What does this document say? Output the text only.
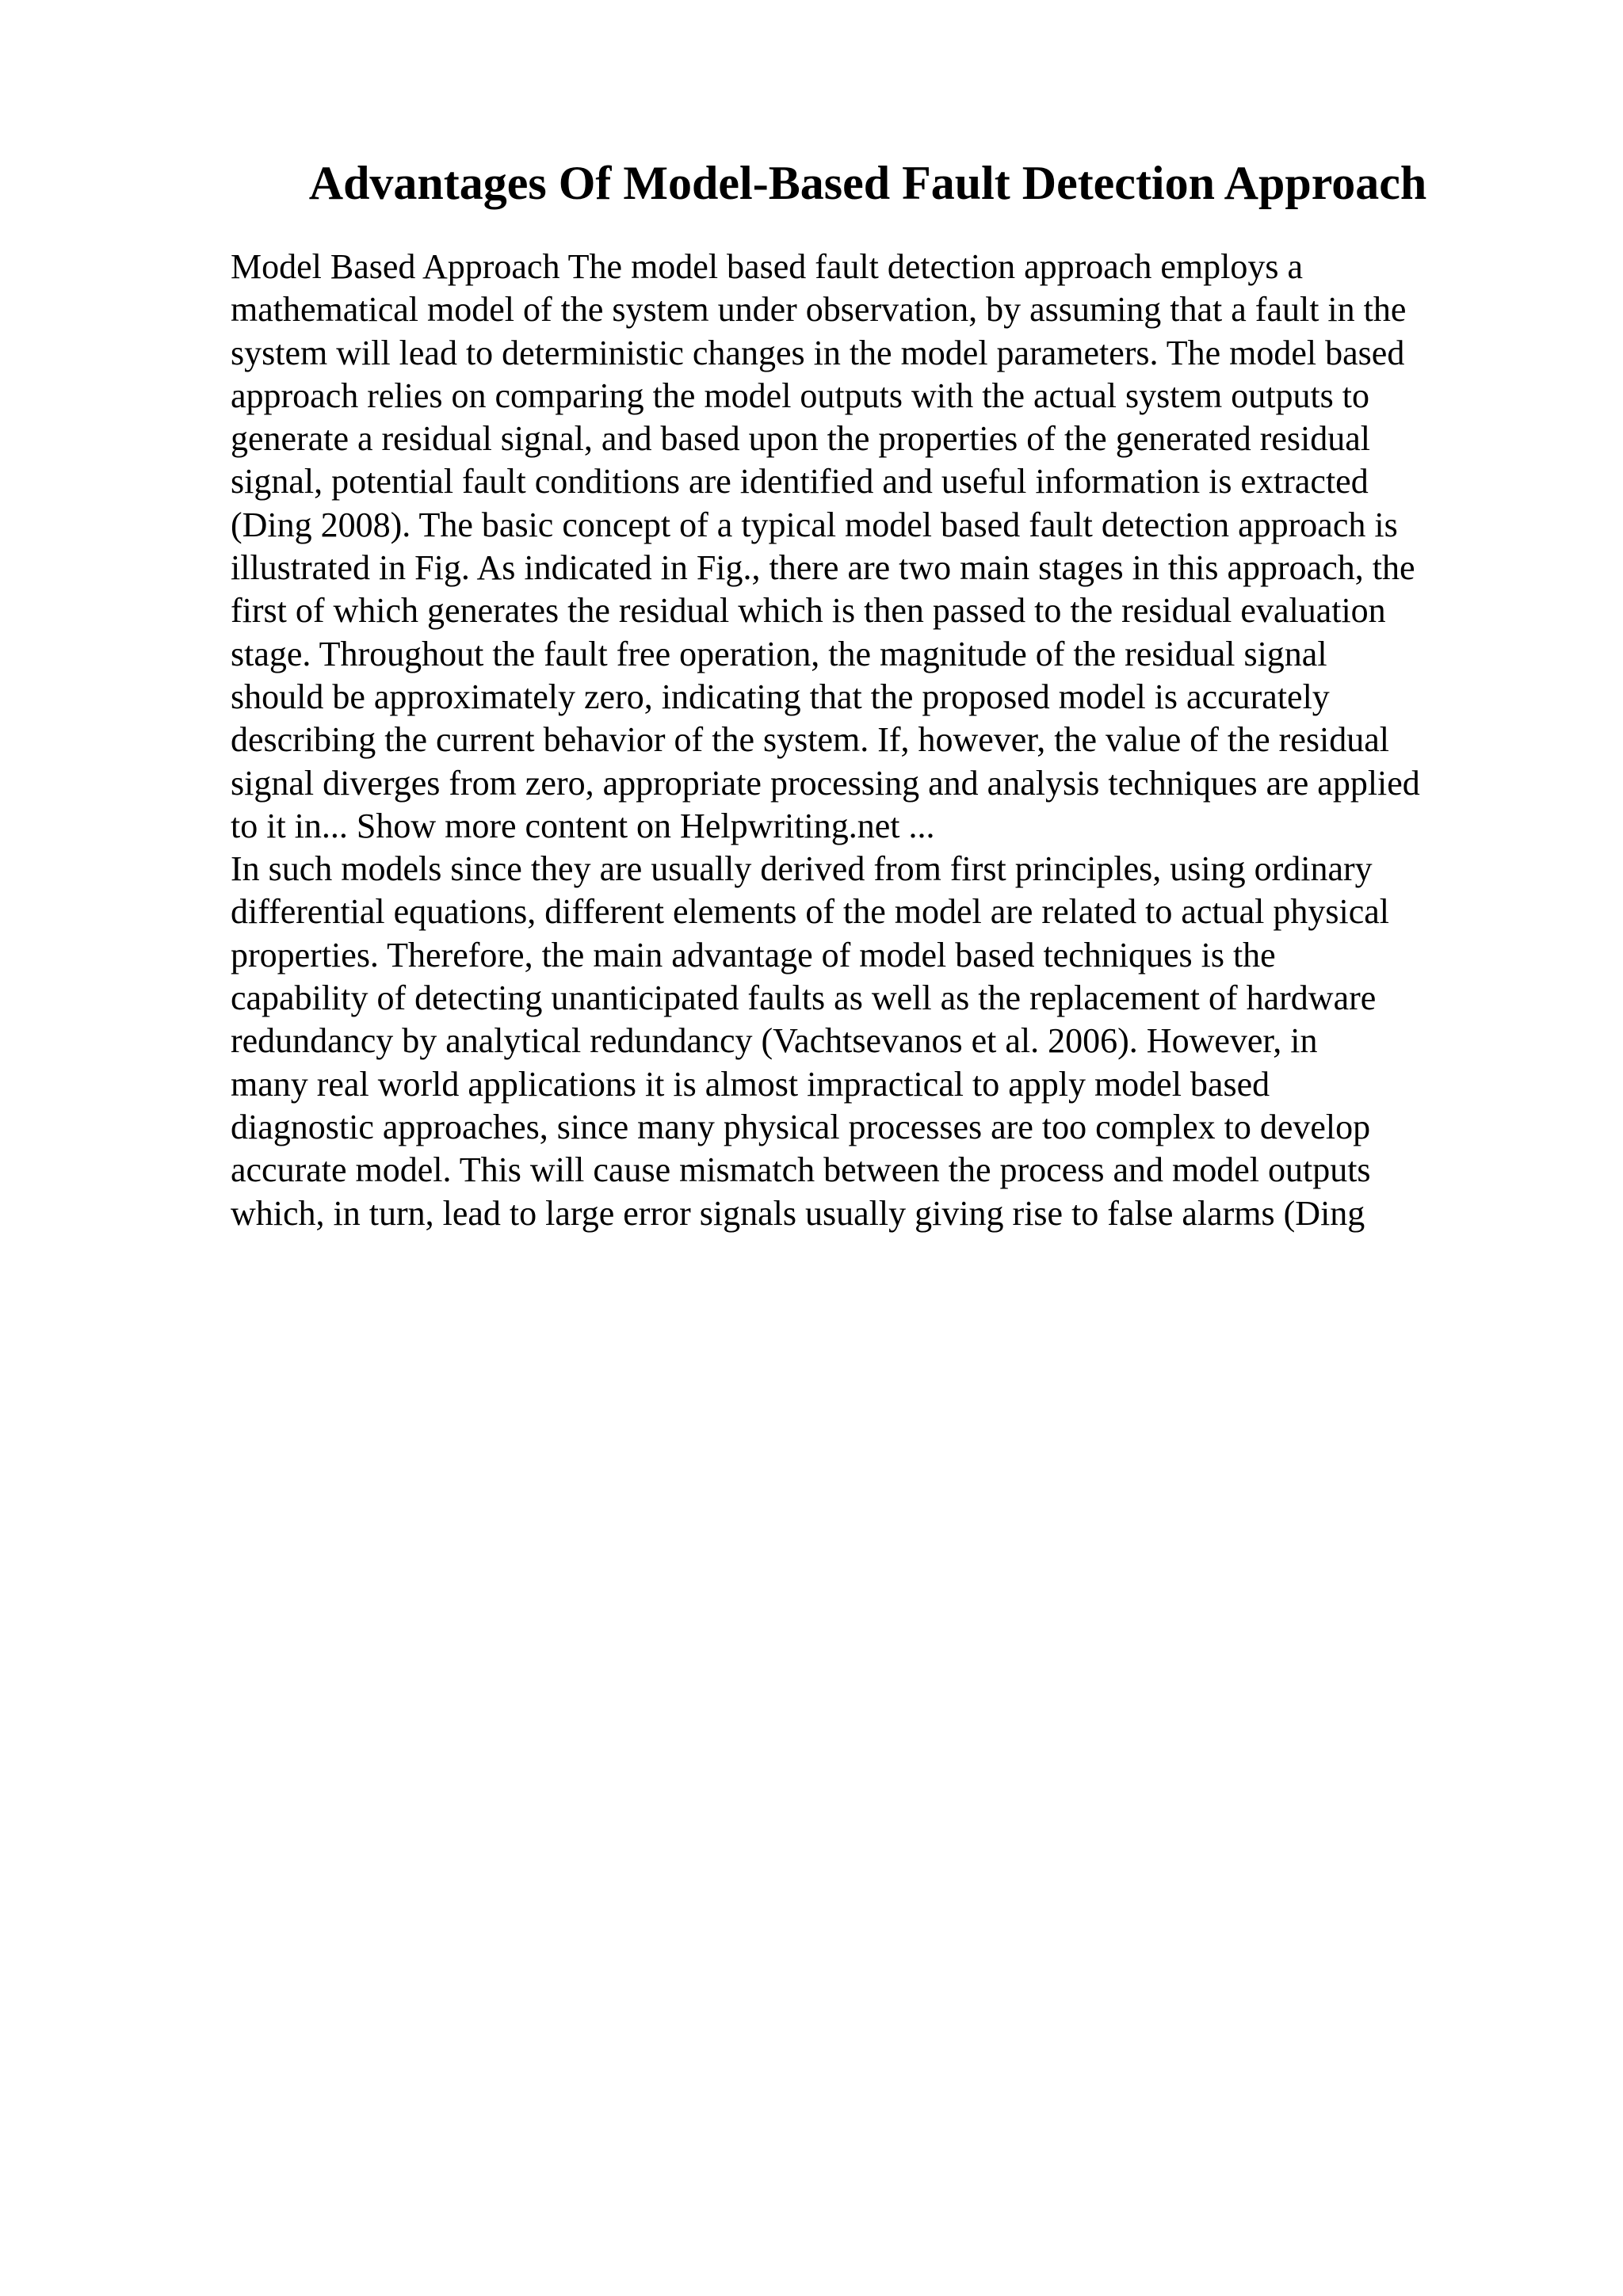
Advantages Of Model-Based Fault Detection Approach
Model Based Approach The model based fault detection approach employs a
mathematical model of the system under observation, by assuming that a fault in the
system will lead to deterministic changes in the model parameters. The model based
approach relies on comparing the model outputs with the actual system outputs to
generate a residual signal, and based upon the properties of the generated residual
signal, potential fault conditions are identified and useful information is extracted
(Ding 2008). The basic concept of a typical model based fault detection approach is
illustrated in Fig. As indicated in Fig., there are two main stages in this approach, the
first of which generates the residual which is then passed to the residual evaluation
stage. Throughout the fault free operation, the magnitude of the residual signal
should be approximately zero, indicating that the proposed model is accurately
describing the current behavior of the system. If, however, the value of the residual
signal diverges from zero, appropriate processing and analysis techniques are applied
to it in... Show more content on Helpwriting.net ...
In such models since they are usually derived from first principles, using ordinary
differential equations, different elements of the model are related to actual physical
properties. Therefore, the main advantage of model based techniques is the
capability of detecting unanticipated faults as well as the replacement of hardware
redundancy by analytical redundancy (Vachtsevanos et al. 2006). However, in
many real world applications it is almost impractical to apply model based
diagnostic approaches, since many physical processes are too complex to develop
accurate model. This will cause mismatch between the process and model outputs
which, in turn, lead to large error signals usually giving rise to false alarms (Ding
